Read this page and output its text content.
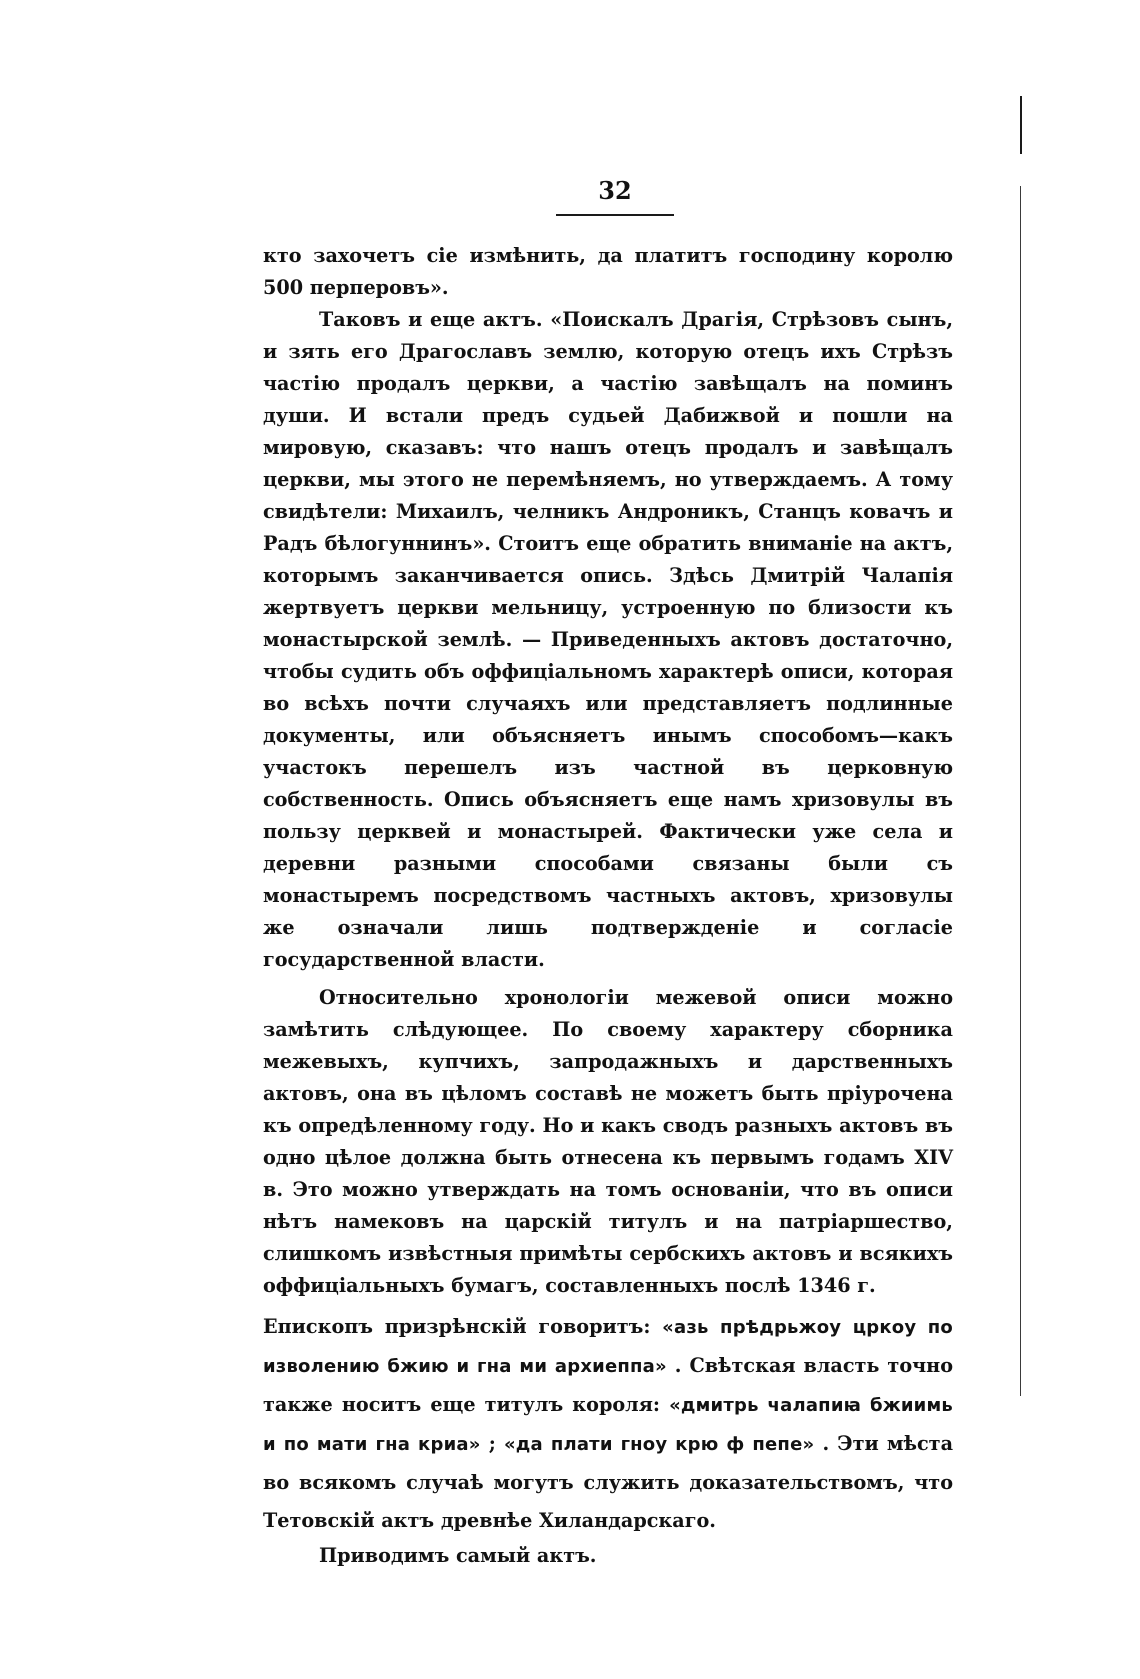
32

кто захочетъ сіе измѣнить, да платитъ господину королю 500 перперовъ».

Таковъ и еще актъ. «Поискалъ Драгія, Стрѣзовъ сынъ, и зять его Драгославъ землю, которую отецъ ихъ Стрѣзъ частію продалъ церкви, а частію завѣщалъ на поминъ души. И встали предъ судьей Дабижвой и пошли на мировую, сказавъ: что нашъ отецъ продалъ и завѣщалъ церкви, мы этого не перемѣняемъ, но утверждаемъ. А тому свидѣтели: Михаилъ, челникъ Андроникъ, Станцъ ковачъ и Радъ бѣлогуннинъ». Стоитъ еще обратить вниманіе на актъ, которымъ заканчивается опись. Здѣсь Дмитрій Чалапія жертвуетъ церкви мельницу, устроенную по близости къ монастырской землѣ. — Приведенныхъ актовъ достаточно, чтобы судить объ оффиціальномъ характерѣ описи, которая во всѣхъ почти случаяхъ или представляетъ подлинные документы, или объясняетъ инымъ способомъ—какъ участокъ перешелъ изъ частной въ церковную собственность. Опись объясняетъ еще намъ хризовулы въ пользу церквей и монастырей. Фактически уже села и деревни разными способами связаны были съ монастыремъ посредствомъ частныхъ актовъ, хризовулы же означали лишь подтвержденіе и согласіе государственной власти.

Относительно хронологіи межевой описи можно замѣтить слѣдующее. По своему характеру сборника межевыхъ, купчихъ, запродажныхъ и дарственныхъ актовъ, она въ цѣломъ составѣ не можетъ быть пріурочена къ опредѣленному году. Но и какъ сводъ разныхъ актовъ въ одно цѣлое должна быть отнесена къ первымъ годамъ XIV в. Это можно утверждать на томъ основаніи, что въ описи нѣтъ намековъ на царскій титулъ и на патріаршество, слишкомъ извѣстныя примѣты сербскихъ актовъ и всякихъ оффиціальныхъ бумагъ, составленныхъ послѣ 1346 г.

Епископъ призрѣнскій говоритъ: «азь прѣдрьжоу цркоу по изволению бжию и гна ми архиеппа» . Свѣтская власть точно также носитъ еще титулъ короля: «дмитрь чалапиꙗ бжиимь и по мати гна криа» ; «да плати гноу крю ф пепе» . Эти мѣста во всякомъ случаѣ могутъ служить доказательствомъ, что Тетовскій актъ древнѣе Хиландарскаго.

Приводимъ самый актъ.
